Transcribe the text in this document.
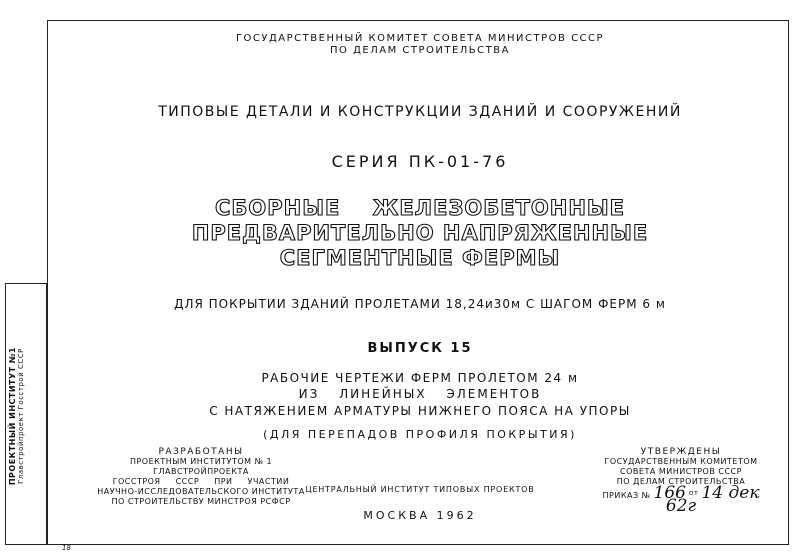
ПРОЕКТНЫЙ ИНСТИТУТ №1 Главстройпроект Госстрой СССР
18
ГОСУДАРСТВЕННЫЙ КОМИТЕТ СОВЕТА МИНИСТРОВ СССР
ПО ДЕЛАМ СТРОИТЕЛЬСТВА
ТИПОВЫЕ ДЕТАЛИ И КОНСТРУКЦИИ ЗДАНИЙ И СООРУЖЕНИЙ
СЕРИЯ ПК-01-76
СБОРНЫЕ ЖЕЛЕЗОБЕТОННЫЕ
ПРЕДВАРИТЕЛЬНО НАПРЯЖЕННЫЕ
СЕГМЕНТНЫЕ ФЕРМЫ
ДЛЯ ПОКРЫТИИ ЗДАНИЙ ПРОЛЕТАМИ 18,24и30м С ШАГОМ ФЕРМ 6 м
ВЫПУСК 15
РАБОЧИЕ ЧЕРТЕЖИ ФЕРМ ПРОЛЕТОМ 24 м
ИЗ ЛИНЕЙНЫХ ЭЛЕМЕНТОВ
С НАТЯЖЕНИЕМ АРМАТУРЫ НИЖНЕГО ПОЯСА НА УПОРЫ
(ДЛЯ ПЕРЕПАДОВ ПРОФИЛЯ ПОКРЫТИЯ)
РАЗРАБОТАНЫ
ПРОЕКТНЫМ ИНСТИТУТОМ № 1 ГЛАВСТРОЙПРОЕКТА
ГОССТРОЯ СССР ПРИ УЧАСТИИ
НАУЧНО-ИССЛЕДОВАТЕЛЬСКОГО ИНСТИТУТА
ПО СТРОИТЕЛЬСТВУ МИНСТРОЯ РСФСР
УТВЕРЖДЕНЫ
ГОСУДАРСТВЕННЫМ КОМИТЕТОМ
СОВЕТА МИНИСТРОВ СССР
ПО ДЕЛАМ СТРОИТЕЛЬСТВА
ПРИКАЗ № 166 от 14 дек 62г
ЦЕНТРАЛЬНЫЙ ИНСТИТУТ ТИПОВЫХ ПРОЕКТОВ
МОСКВА 1962
